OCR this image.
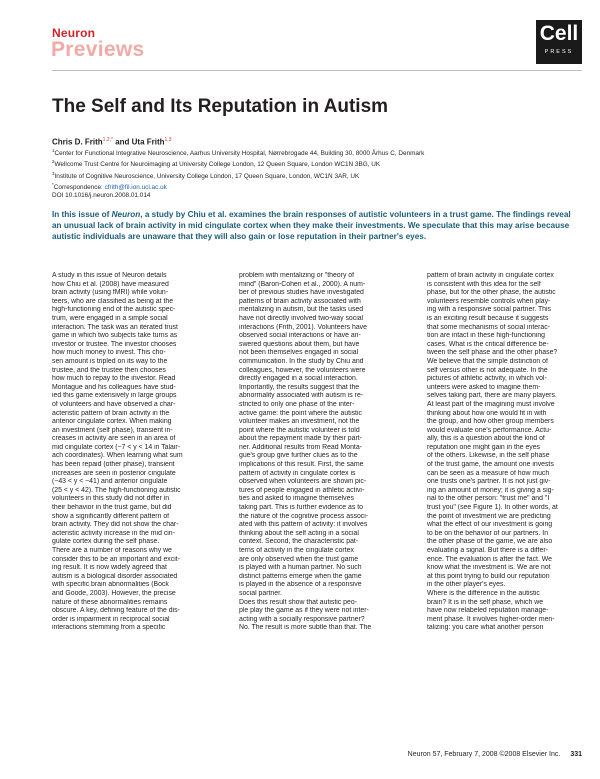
Neuron
Previews
Cell
PRESS
The Self and Its Reputation in Autism
Chris D. Frith$^{1,2,*}$ and Uta Frith$^{1,3}$
$^1$Center for Functional Integrative Neuroscience, Aarhus University Hospital, Nørrebrogade 44, Building 30, 8000 Århus C, Denmark
$^2$Wellcome Trust Centre for Neuroimaging at University College London, 12 Queen Square, London WC1N 3BG, UK
$^3$Institute of Cognitive Neuroscience, University College London, 17 Queen Square, London, WC1N 3AR, UK
*Correspondence: cfrith@fil.ion.ucl.ac.uk
DOI 10.1016/j.neuron.2008.01.014

In this issue of Neuron, a study by Chiu et al. examines the brain responses of autistic volunteers in a trust game. The findings reveal an unusual lack of brain activity in mid cingulate cortex when they make their investments. We speculate that this may arise because autistic individuals are unaware that they will also gain or lose reputation in their partner's eyes.

A study in this issue of Neuron details
how Chiu et al. (2008) have measured
brain activity (using fMRI) while volun-
teers, who are classified as being at the
high-functioning end of the autistic spec-
trum, were engaged in a simple social
interaction. The task was an iterated trust
game in which two subjects take turns as
investor or trustee. The investor chooses
how much money to invest. This cho-
sen amount is tripled on its way to the
trustee, and the trustee then chooses
how much to repay to the investor. Read
Montague and his colleagues have stud-
ied this game extensively in large groups
of volunteers and have observed a char-
acteristic pattern of brain activity in the
anterior cingulate cortex. When making
an investment (self phase), transient in-
creases in activity are seen in an area of
mid cingulate cortex (−7 < y < 14 in Talair-
ach coordinates). When learning what sum
has been repaid (other phase), transient
increases are seen in posterior cingulate
(−43 < y < −41) and anterior cingulate
(25 < y < 42). The high-functioning autistic
volunteers in this study did not differ in
their behavior in the trust game, but did
show a significantly different pattern of
brain activity. They did not show the char-
acteristic activity increase in the mid cin-
gulate cortex during the self phase.
There are a number of reasons why we
consider this to be an important and excit-
ing result. It is now widely agreed that
autism is a biological disorder associated
with specific brain abnormalities (Bock
and Goode, 2003). However, the precise
nature of these abnormalities remains
obscure. A key, defining feature of the dis-
order is impairment in reciprocal social
interactions stemming from a specific
problem with mentalizing or "theory of
mind" (Baron-Cohen et al., 2000). A num-
ber of previous studies have investigated
patterns of brain activity associated with
mentalizing in autism, but the tasks used
have not directly involved two-way social
interactions (Frith, 2001). Volunteers have
observed social interactions or have an-
swered questions about them, but have
not been themselves engaged in social
communication. In the study by Chiu and
colleagues, however, the volunteers were
directly engaged in a social interaction.
Importantly, the results suggest that the
abnormality associated with autism is re-
stricted to only one phase of the inter-
active game: the point where the autistic
volunteer makes an investment, not the
point where the autistic volunteer is told
about the repayment made by their part-
ner. Additional results from Read Monta-
gue's group give further clues as to the
implications of this result. First, the same
pattern of activity in cingulate cortex is
observed when volunteers are shown pic-
tures of people engaged in athletic activi-
ties and asked to imagine themselves
taking part. This is further evidence as to
the nature of the cognitive process associ-
ated with this pattern of activity: it involves
thinking about the self acting in a social
context. Second, the characteristic pat-
terns of activity in the cingulate cortex
are only observed when the trust game
is played with a human partner. No such
distinct patterns emerge when the game
is played in the absence of a responsive
social partner.
Does this result show that autistic peo-
ple play the game as if they were not inter-
acting with a socially responsive partner?
No. The result is more subtle than that. The
pattern of brain activity in cingulate cortex
is consistent with this idea for the self
phase, but for the other phase, the autistic
volunteers resemble controls when play-
ing with a responsive social partner. This
is an exciting result because it suggests
that some mechanisms of social interac-
tion are intact in these high-functioning
cases. What is the critical difference be-
tween the self phase and the other phase?
We believe that the simple distinction of
self versus other is not adequate. In the
pictures of athletic activity, in which vol-
unteers were asked to imagine them-
selves taking part, there are many players.
At least part of the imagining must involve
thinking about how one would fit in with
the group, and how other group members
would evaluate one's performance. Actu-
ally, this is a question about the kind of
reputation one might gain in the eyes
of the others. Likewise, in the self phase
of the trust game, the amount one invests
can be seen as a measure of how much
one trusts one's partner. It is not just giv-
ing an amount of money; it is giving a sig-
nal to the other person: "trust me" and "I
trust you" (see Figure 1). In other words, at
the point of investment we are predicting
what the effect of our investment is going
to be on the behavior of our partners. In
the other phase of the game, we are also
evaluating a signal. But there is a differ-
ence. The evaluation is after the fact. We
know what the investment is. We are not
at this point trying to build our reputation
in the other player's eyes.
Where is the difference in the autistic
brain? It is in the self phase, which we
have now relabeled reputation manage-
ment phase. It involves higher-order men-
talizing: you care what another person
Neuron 57, February 7, 2008 ©2008 Elsevier Inc. 331
